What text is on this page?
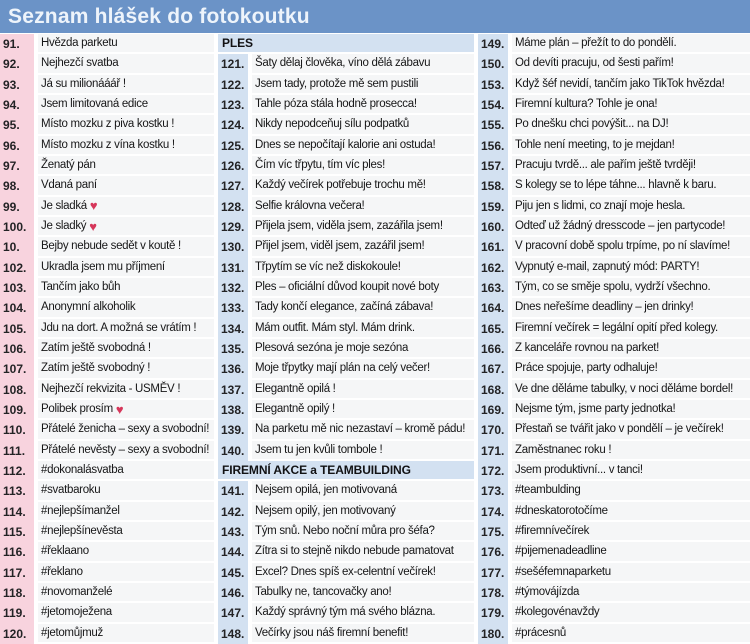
Seznam hlášek do fotokoutku
91.	Hvězda parketu
92.	Nejhezčí svatba
93.	Já su milionááář !
94.	Jsem limitovaná edice
95.	Místo mozku z piva kostku !
96.	Místo mozku z vína kostku !
97.	Ženatý pán
98.	Vdaná paní
99.	Je sladká ♥
100.	Je sladký ♥
10.	Bejby nebude sedět v koutě !
102.	Ukradla jsem mu příjmení
103.	Tančím jako bůh
104.	Anonymní alkoholik
105.	Jdu na dort. A možná se vrátím !
106.	Zatím ještě svobodná !
107.	Zatím ještě svobodný !
108.	Nejhezčí rekvizita - USMĚV !
109.	Polibek prosím ♥
110.	Přátelé ženicha – sexy a svobodní!
111.	Přátelé nevěsty – sexy a svobodní!
112.	#dokonalásvatba
113.	#svatbaroku
114.	#nejlepšímanžel
115.	#nejlepšínevěsta
116.	#řeklaano
117.	#řeklano
118.	#novomanželé
119.	#jetomoježena
120.	#jetomůjmuž
PLES
121. Šaty dělaj člověka, víno dělá zábavu
122. Jsem tady, protože mě sem pustili
123. Tahle póza stála hodně prosecca!
124. Nikdy nepodceňuj sílu podpatků
125. Dnes se nepočítají kalorie ani ostuda!
126. Čím víc třpytu, tím víc ples!
127. Každý večírek potřebuje trochu mě!
128. Selfie královna večera!
129. Přijela jsem, viděla jsem, zazářila jsem!
130. Přijel jsem, viděl jsem, zazářil jsem!
131. Třpytím se víc než diskokoule!
132. Ples – oficiální důvod koupit nové boty
133. Tady končí elegance, začíná zábava!
134. Mám outfit. Mám styl. Mám drink.
135. Plesová sezóna je moje sezóna
136. Moje třpytky mají plán na celý večer!
137. Elegantně opilá !
138. Elegantně opilý !
139. Na parketu mě nic nezastaví – kromě pádu!
140. Jsem tu jen kvůli tombole !
FIREMNÍ AKCE a TEAMBUILDING
141. Nejsem opilá, jen motivovaná
142. Nejsem opilý, jen motivovaný
143. Tým snů. Nebo noční můra pro šéfa?
144. Zítra si to stejně nikdo nebude pamatovat
145. Excel? Dnes spíš ex-celentní večírek!
146. Tabulky ne, tancovačky ano!
147. Každý správný tým má svého blázna.
148. Večírky jsou náš firemní benefit!
149. Máme plán – přežít to do pondělí.
150. Od devíti pracuju, od šesti pařím!
153. Když šéf nevidí, tančím jako TikTok hvězda!
154. Firemní kultura? Tohle je ona!
155. Po dnešku chci povýšit... na DJ!
156. Tohle není meeting, to je mejdan!
157. Pracuju tvrdě... ale pařím ještě tvrději!
158. S kolegy se to lépe táhne... hlavně k baru.
159. Piju jen s lidmi, co znají moje hesla.
160. Odteď už žádný dresscode – jen partycode!
161. V pracovní době spolu trpíme, po ní slavíme!
162. Vypnutý e-mail, zapnutý mód: PARTY!
163. Tým, co se směje spolu, vydrží všechno.
164. Dnes neřešíme deadliny – jen drinky!
165. Firemní večírek = legální opití před kolegy.
166. Z kanceláře rovnou na parket!
167. Práce spojuje, party odhaluje!
168. Ve dne děláme tabulky, v noci děláme bordel!
169. Nejsme tým, jsme party jednotka!
170. Přestaň se tvářit jako v pondělí – je večírek!
171. Zaměstnanec roku !
172. Jsem produktivní... v tanci!
173. #teambulding
174. #dneskatorotočíme
175. #firemnívečírek
176. #pijemenadeadline
177. #sešéfemnaparketu
178. #týmovájízda
179. #kolegovénavždy
180. #prácesnů
